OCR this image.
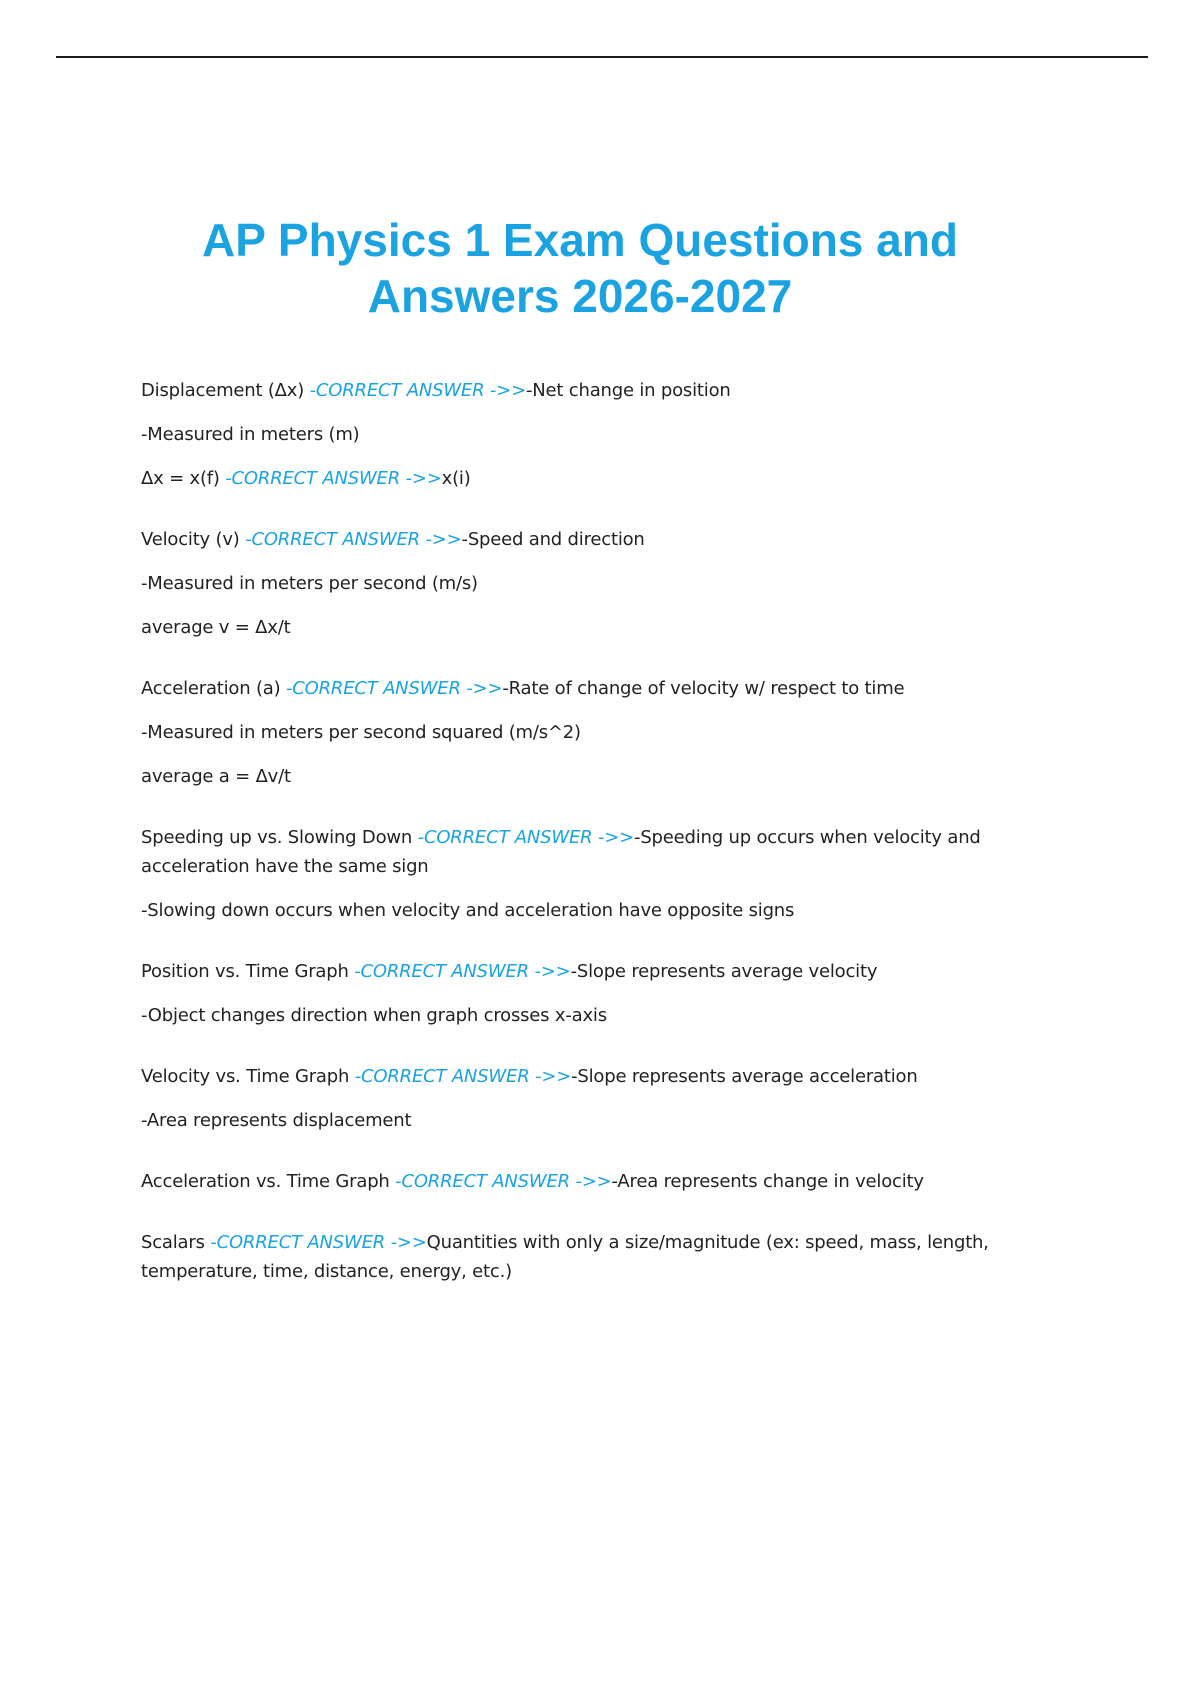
AP Physics 1 Exam Questions and Answers 2026-2027

Displacement (Δx) -CORRECT ANSWER ->>-Net change in position

-Measured in meters (m)

Δx = x(f) -CORRECT ANSWER ->>x(i)

Velocity (v) -CORRECT ANSWER ->>-Speed and direction

-Measured in meters per second (m/s)

average v = Δx/t

Acceleration (a) -CORRECT ANSWER ->>-Rate of change of velocity w/ respect to time

-Measured in meters per second squared (m/s^2)

average a = Δv/t

Speeding up vs. Slowing Down -CORRECT ANSWER ->>-Speeding up occurs when velocity and acceleration have the same sign

-Slowing down occurs when velocity and acceleration have opposite signs

Position vs. Time Graph -CORRECT ANSWER ->>-Slope represents average velocity

-Object changes direction when graph crosses x-axis

Velocity vs. Time Graph -CORRECT ANSWER ->>-Slope represents average acceleration

-Area represents displacement

Acceleration vs. Time Graph -CORRECT ANSWER ->>-Area represents change in velocity

Scalars -CORRECT ANSWER ->>Quantities with only a size/magnitude (ex: speed, mass, length, temperature, time, distance, energy, etc.)
